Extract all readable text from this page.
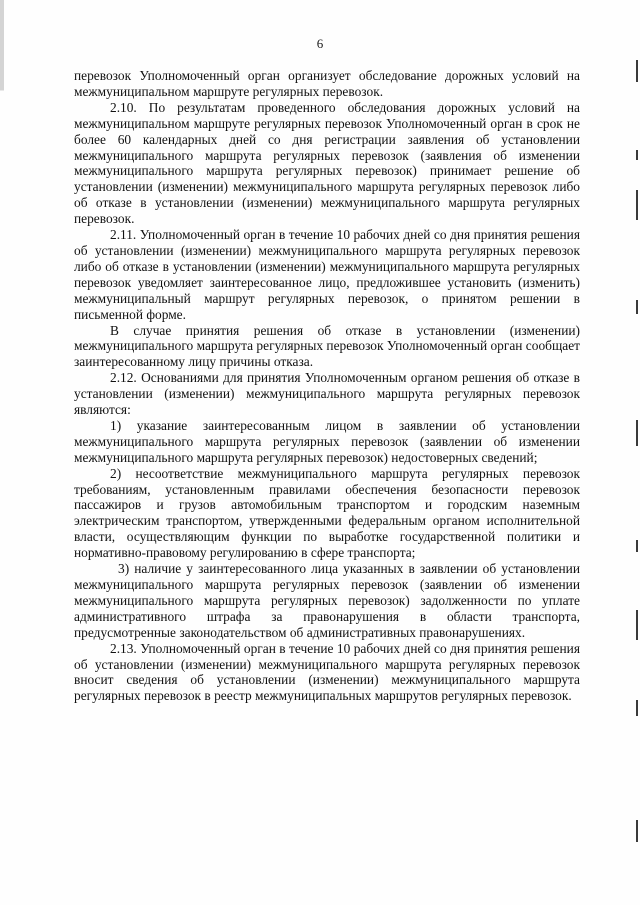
6

перевозок Уполномоченный орган организует обследование дорожных условий на межмуниципальном маршруте регулярных перевозок.

2.10. По результатам проведенного обследования дорожных условий на межмуниципальном маршруте регулярных перевозок Уполномоченный орган в срок не более 60 календарных дней со дня регистрации заявления об установлении межмуниципального маршрута регулярных перевозок (заявления об изменении межмуниципального маршрута регулярных перевозок) принимает решение об установлении (изменении) межмуниципального маршрута регулярных перевозок либо об отказе в установлении (изменении) межмуниципального маршрута регулярных перевозок.

2.11. Уполномоченный орган в течение 10 рабочих дней со дня принятия решения об установлении (изменении) межмуниципального маршрута регулярных перевозок либо об отказе в установлении (изменении) межмуниципального маршрута регулярных перевозок уведомляет заинтересованное лицо, предложившее установить (изменить) межмуниципальный маршрут регулярных перевозок, о принятом решении в письменной форме.

В случае принятия решения об отказе в установлении (изменении) межмуниципального маршрута регулярных перевозок Уполномоченный орган сообщает заинтересованному лицу причины отказа.

2.12. Основаниями для принятия Уполномоченным органом решения об отказе в установлении (изменении) межмуниципального маршрута регулярных перевозок являются:

1) указание заинтересованным лицом в заявлении об установлении межмуниципального маршрута регулярных перевозок (заявлении об изменении межмуниципального маршрута регулярных перевозок) недостоверных сведений;

2) несоответствие межмуниципального маршрута регулярных перевозок требованиям, установленным правилами обеспечения безопасности перевозок пассажиров и грузов автомобильным транспортом и городским наземным электрическим транспортом, утвержденными федеральным органом исполнительной власти, осуществляющим функции по выработке государственной политики и нормативно-правовому регулированию в сфере транспорта;

3) наличие у заинтересованного лица указанных в заявлении об установлении межмуниципального маршрута регулярных перевозок (заявлении об изменении межмуниципального маршрута регулярных перевозок) задолженности по уплате административного штрафа за правонарушения в области транспорта, предусмотренные законодательством об административных правонарушениях.

2.13. Уполномоченный орган в течение 10 рабочих дней со дня принятия решения об установлении (изменении) межмуниципального маршрута регулярных перевозок вносит сведения об установлении (изменении) межмуниципального маршрута регулярных перевозок в реестр межмуниципальных маршрутов регулярных перевозок.
